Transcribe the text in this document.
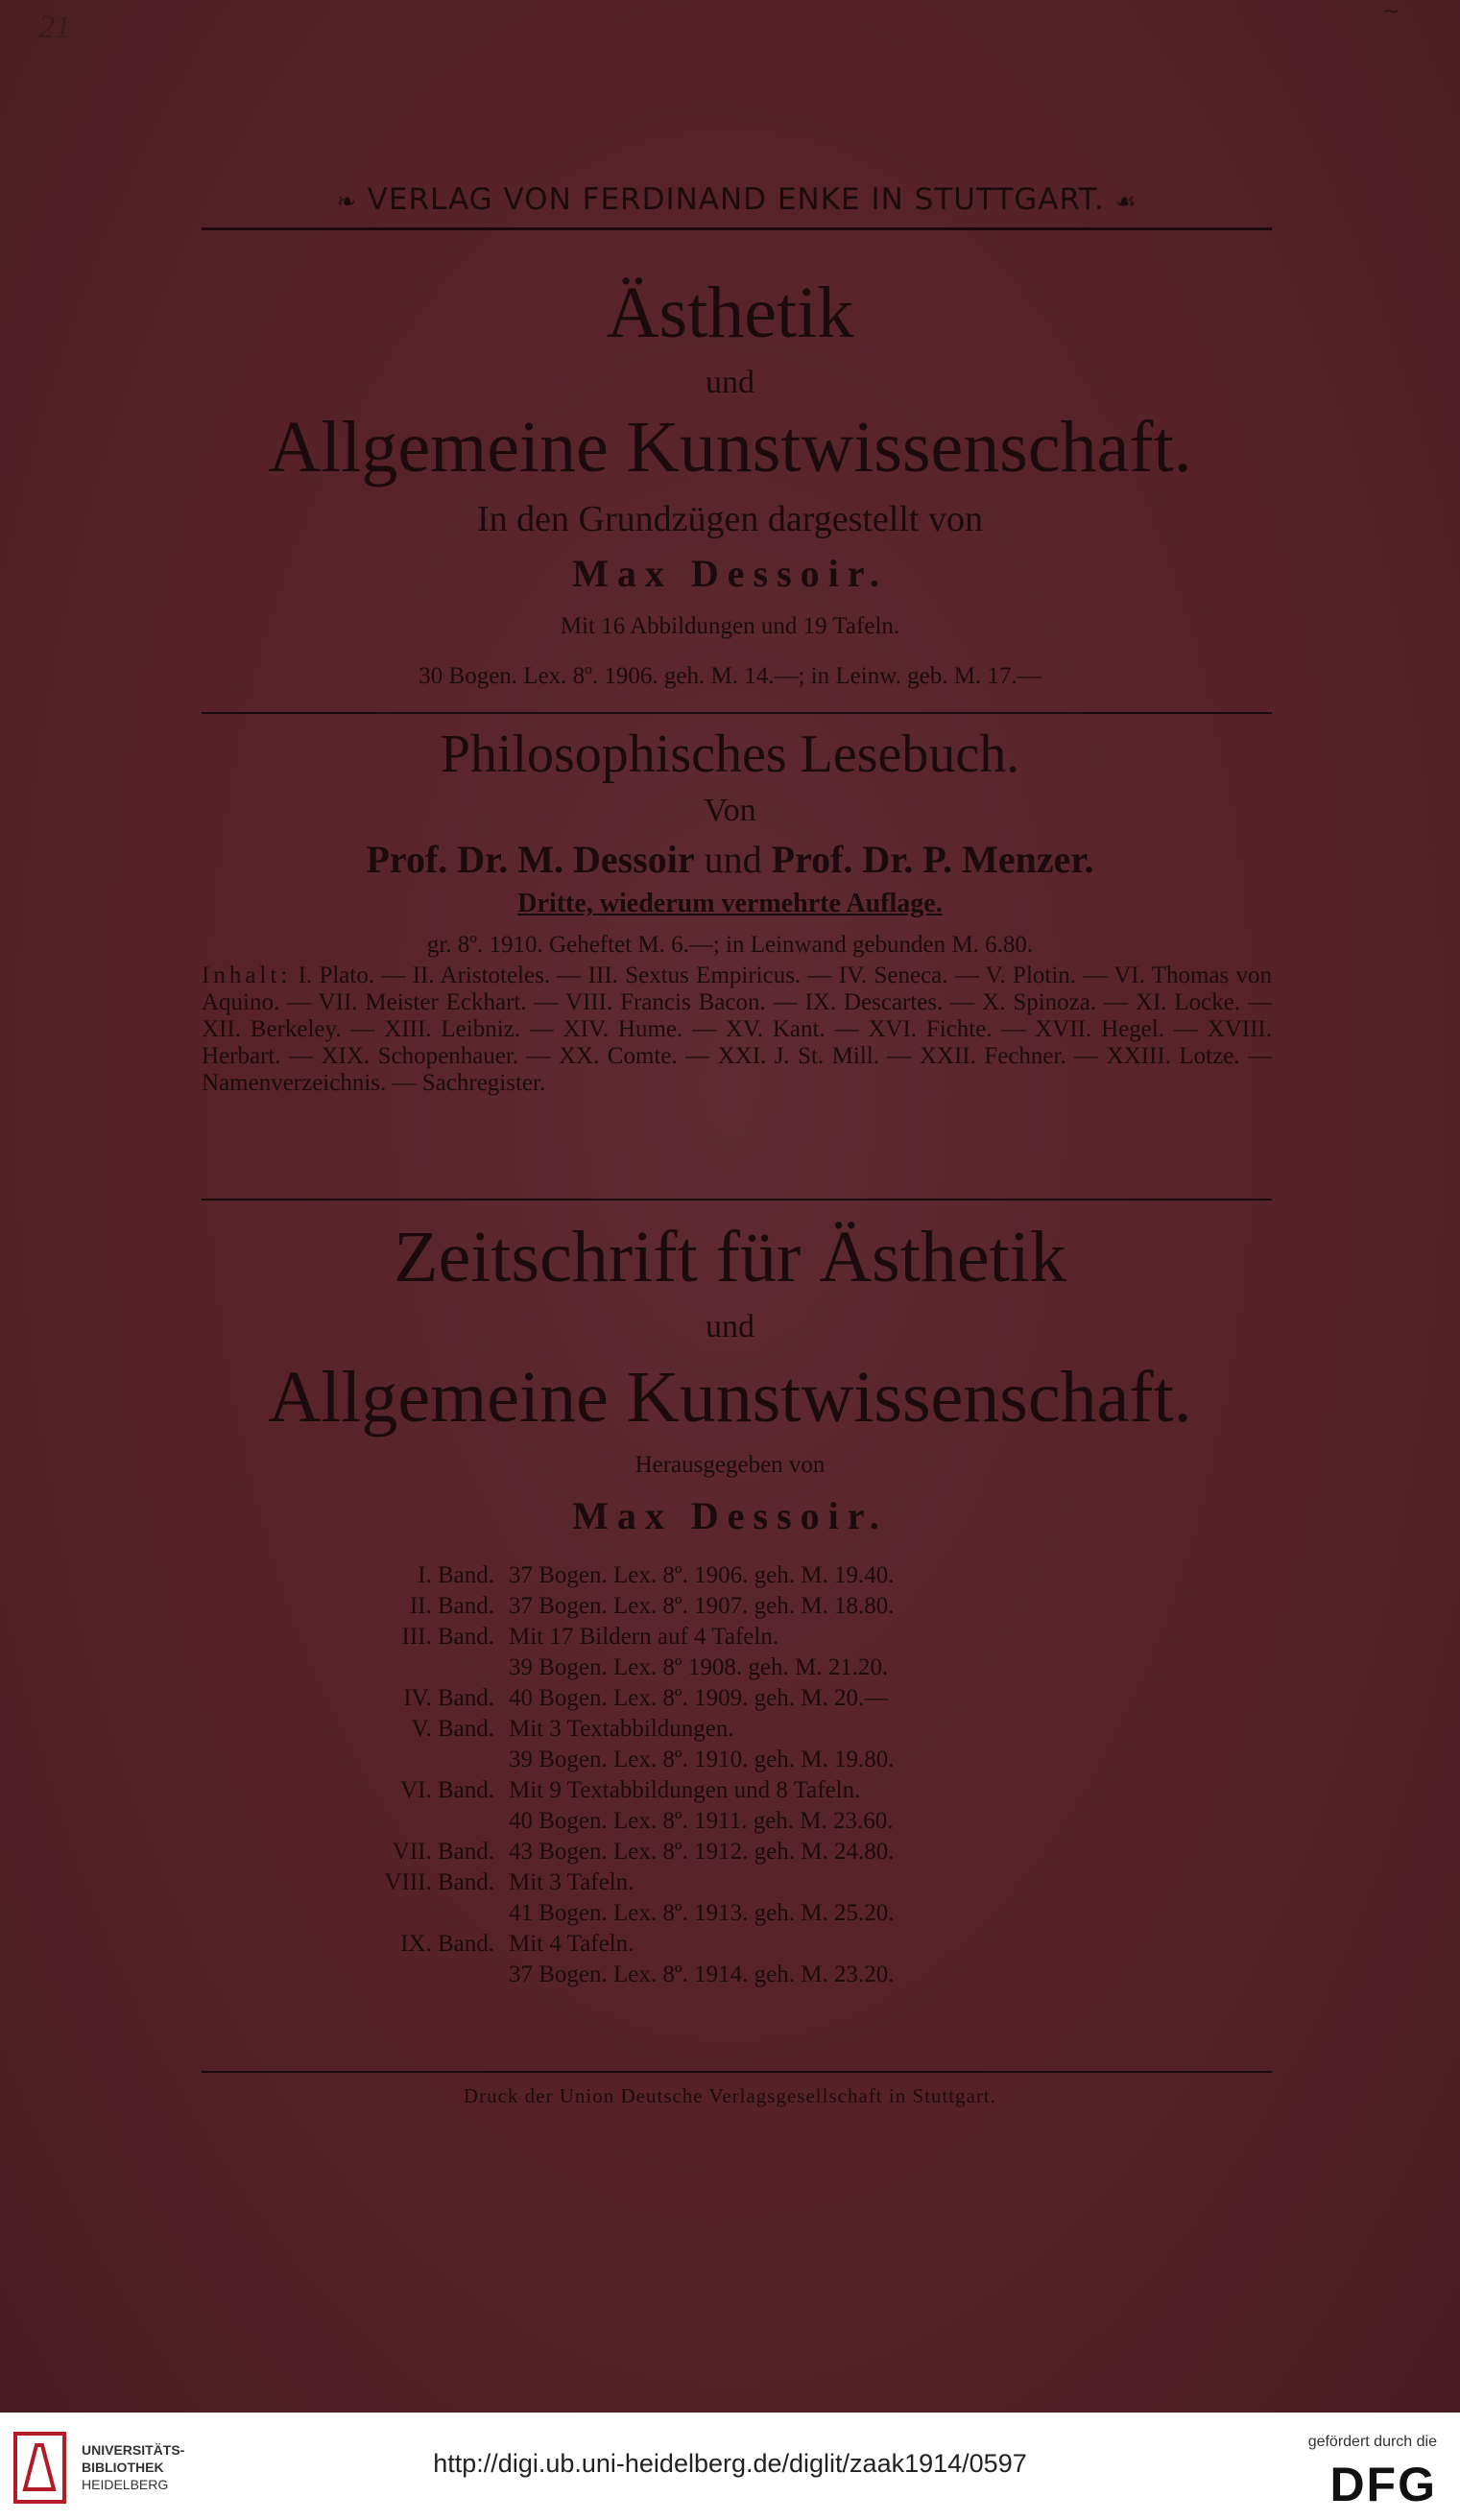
~
21
❧ VERLAG VON FERDINAND ENKE IN STUTTGART. ☙
Ästhetik
und
Allgemeine Kunstwissenschaft.
In den Grundzügen dargestellt von
Max Dessoir.
Mit 16 Abbildungen und 19 Tafeln.
30 Bogen. Lex. 8º. 1906. geh. M. 14.—; in Leinw. geb. M. 17.—
Philosophisches Lesebuch.
Von
Prof. Dr. M. Dessoir und Prof. Dr. P. Menzer.
Dritte, wiederum vermehrte Auflage.
gr. 8º. 1910. Geheftet M. 6.—; in Leinwand gebunden M. 6.80.
Inhalt: I. Plato. — II. Aristoteles. — III. Sextus Empiricus. — IV. Seneca. — V. Plotin. — VI. Thomas von Aquino. — VII. Meister Eckhart. — VIII. Francis Bacon. — IX. Descartes. — X. Spinoza. — XI. Locke. — XII. Berkeley. — XIII. Leibniz. — XIV. Hume. — XV. Kant. — XVI. Fichte. — XVII. Hegel. — XVIII. Herbart. — XIX. Schopenhauer. — XX. Comte. — XXI. J. St. Mill. — XXII. Fechner. — XXIII. Lotze. — Namenverzeichnis. — Sachregister.
Zeitschrift für Ästhetik
und
Allgemeine Kunstwissenschaft.
Herausgegeben von
Max Dessoir.
I. Band. 37 Bogen. Lex. 8º. 1906. geh. M. 19.40.
II. Band. 37 Bogen. Lex. 8º. 1907. geh. M. 18.80.
III. Band. Mit 17 Bildern auf 4 Tafeln.
39 Bogen. Lex. 8º 1908. geh. M. 21.20.
IV. Band. 40 Bogen. Lex. 8º. 1909. geh. M. 20.—
V. Band. Mit 3 Textabbildungen.
39 Bogen. Lex. 8º. 1910. geh. M. 19.80.
VI. Band. Mit 9 Textabbildungen und 8 Tafeln.
40 Bogen. Lex. 8º. 1911. geh. M. 23.60.
VII. Band. 43 Bogen. Lex. 8º. 1912. geh. M. 24.80.
VIII. Band. Mit 3 Tafeln.
41 Bogen. Lex. 8º. 1913. geh. M. 25.20.
IX. Band. Mit 4 Tafeln.
37 Bogen. Lex. 8º. 1914. geh. M. 23.20.
Druck der Union Deutsche Verlagsgesellschaft in Stuttgart.
UNIVERSITÄTS-
BIBLIOTHEK
HEIDELBERG
http://digi.ub.uni-heidelberg.de/diglit/zaak1914/0597
gefördert durch die
DFG
